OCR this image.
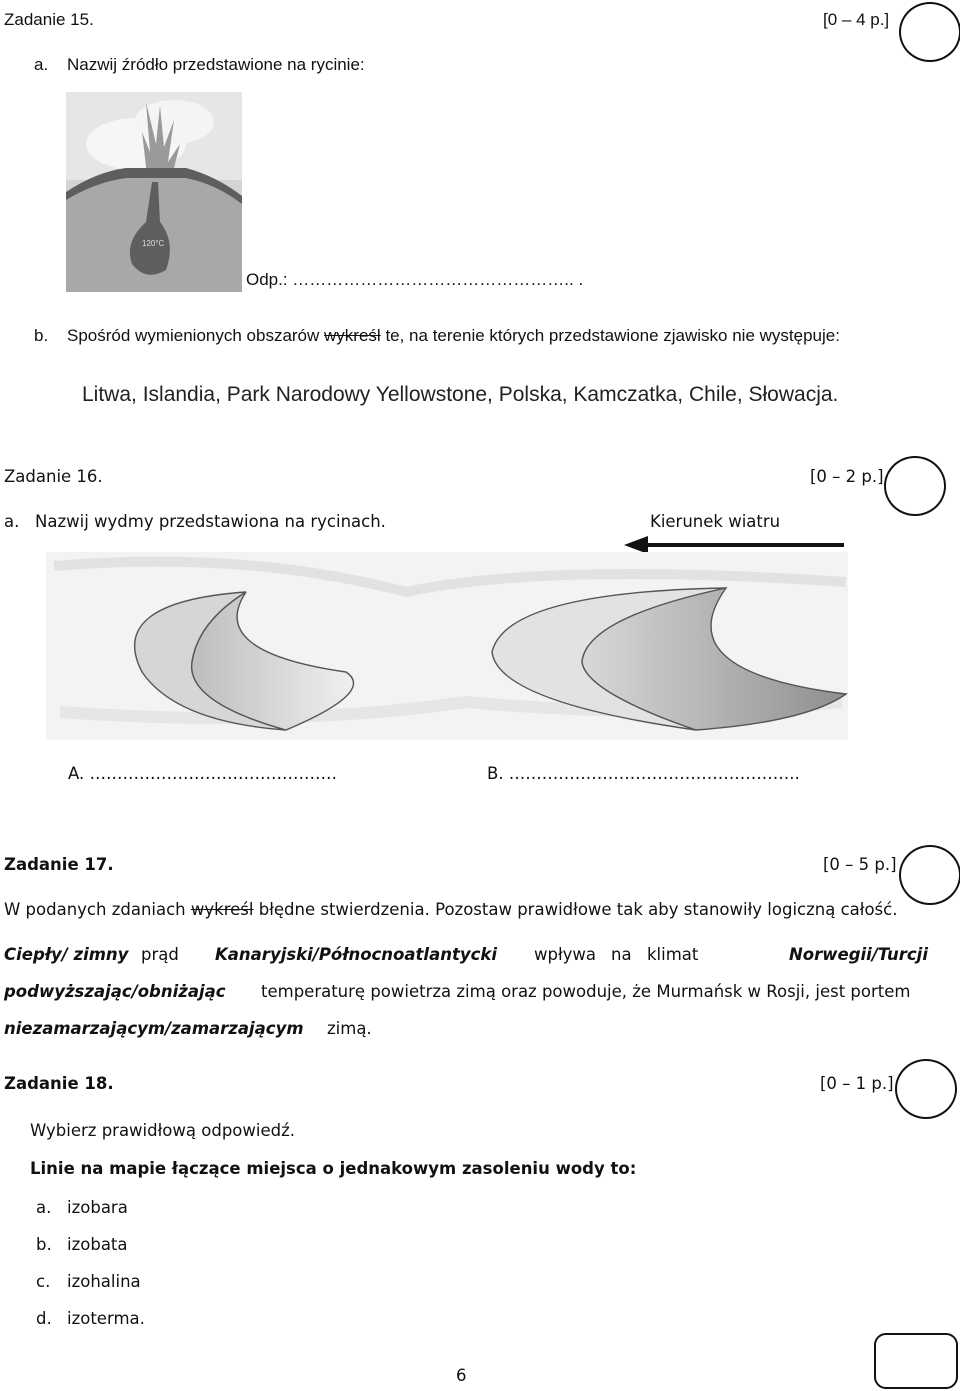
Zadanie 15.	[0 – 4 p.]
a. Nazwij źródło przedstawione na rycinie:
120°C
Odp.: ………………………………………….. .
b. Spośród wymienionych obszarów wykreśl te, na terenie których przedstawione zjawisko nie występuje:
Litwa, Islandia, Park Narodowy Yellowstone, Polska, Kamczatka, Chile, Słowacja.
Zadanie 16.	[0 – 2 p.]
a. Nazwij wydmy przedstawiona na rycinach.	Kierunek wiatru
A. ………………………………………	B. ……………………………………………..
Zadanie 17.	[0 – 5 p.]
W podanych zdaniach wykreśl błędne stwierdzenia. Pozostaw prawidłowe tak aby stanowiły logiczną całość.
Ciepły/ zimny prąd Kanaryjski/Północnoatlantycki wpływa na klimat	Norwegii/Turcji
podwyższając/obniżając temperaturę powietrza zimą oraz powoduje, że Murmańsk w Rosji, jest portem
niezamarzającym/zamarzającym zimą.
Zadanie 18.	[0 – 1 p.]
Wybierz prawidłową odpowiedź.
Linie na mapie łączące miejsca o jednakowym zasoleniu wody to:
a. izobara
b. izobata
c. izohalina
d. izoterma.
6
